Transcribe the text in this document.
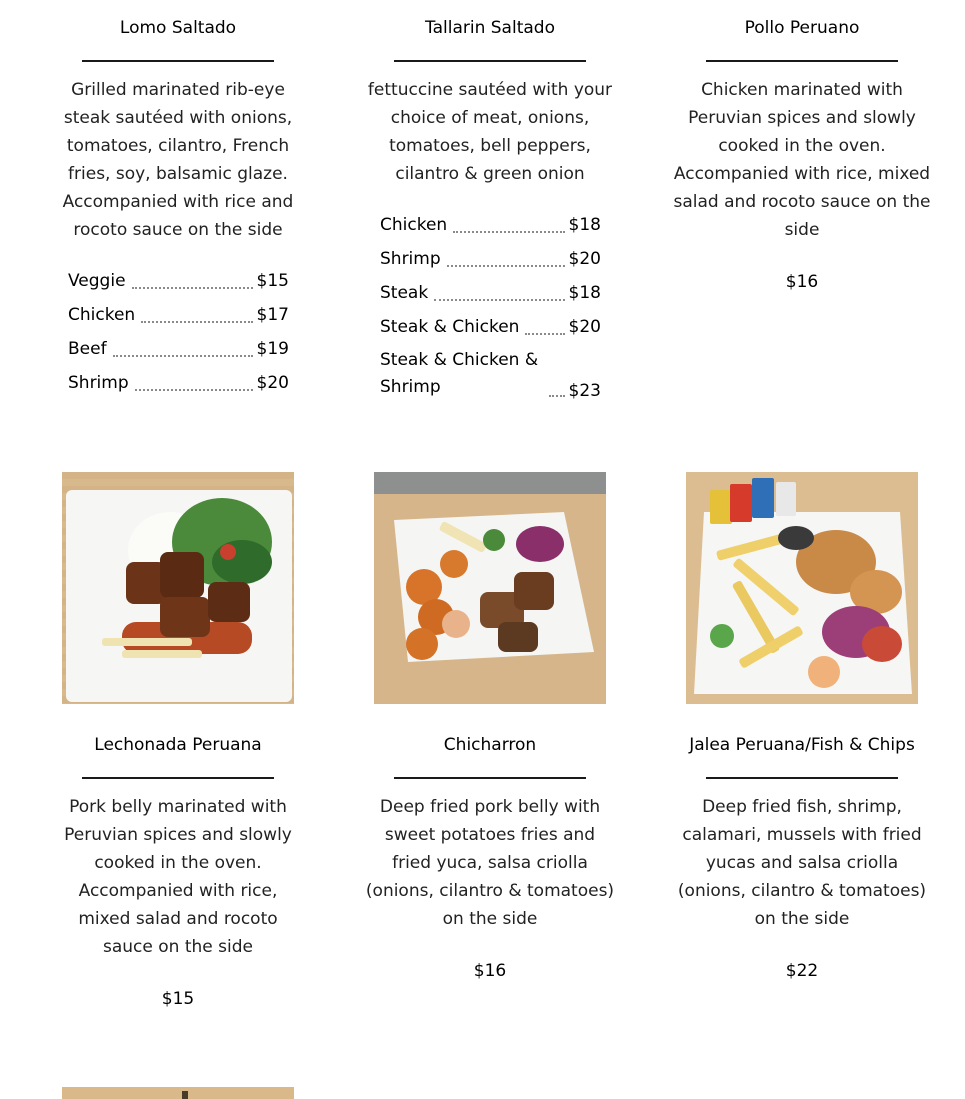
Lomo Saltado
Grilled marinated rib-eye steak sautéed with onions, tomatoes, cilantro, French fries, soy, balsamic glaze. Accompanied with rice and rocoto sauce on the side
Veggie	$15
Chicken	$17
Beef	$19
Shrimp	$20
Tallarin Saltado
fettuccine sautéed with your choice of meat, onions, tomatoes, bell peppers, cilantro & green onion
Chicken	$18
Shrimp	$20
Steak	$18
Steak & Chicken	$20
Steak & Chicken & Shrimp	$23
Pollo Peruano
Chicken marinated with Peruvian spices and slowly cooked in the oven. Accompanied with rice, mixed salad and rocoto sauce on the side
$16
Lechonada Peruana
Pork belly marinated with Peruvian spices and slowly cooked in the oven. Accompanied with rice, mixed salad and rocoto sauce on the side
$15
Chicharron
Deep fried pork belly with sweet potatoes fries and fried yuca, salsa criolla (onions, cilantro & tomatoes) on the side
$16
Jalea Peruana/Fish & Chips
Deep fried fish, shrimp, calamari, mussels with fried yucas and salsa criolla (onions, cilantro & tomatoes) on the side
$22
